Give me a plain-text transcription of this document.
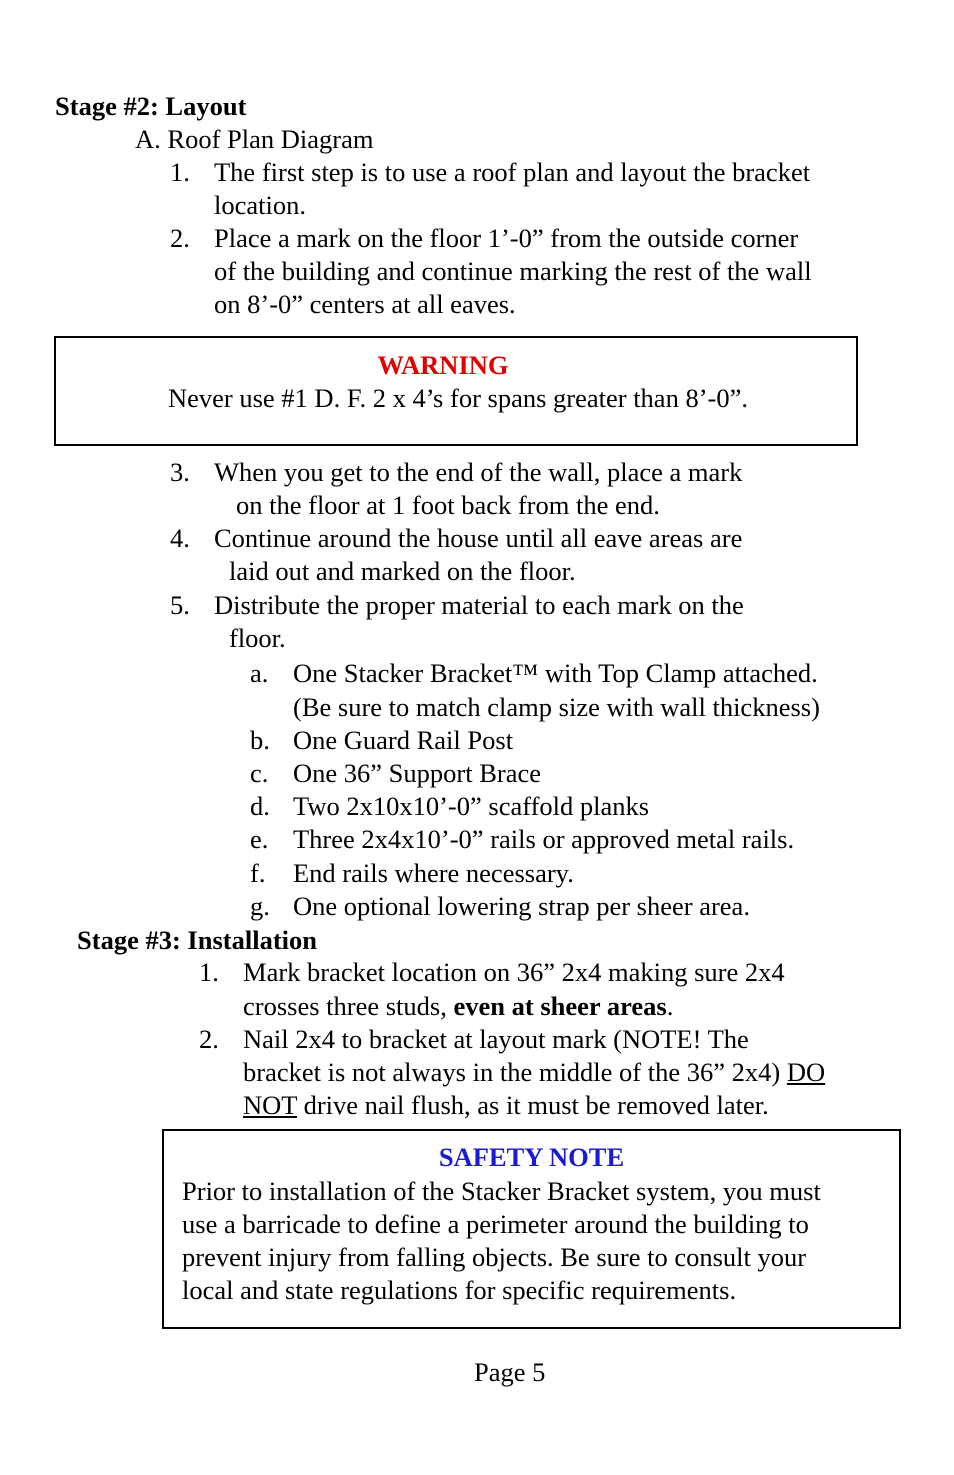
Stage #2: Layout
A. Roof Plan Diagram
1. The first step is to use a roof plan and layout the bracket
location.
2. Place a mark on the floor 1’-0” from the outside corner
of the building and continue marking the rest of the wall
on 8’-0” centers at all eaves.
WARNING
Never use #1 D. F. 2 x 4’s for spans greater than 8’-0”.
3. When you get to the end of the wall, place a mark
on the floor at 1 foot back from the end.
4. Continue around the house until all eave areas are
laid out and marked on the floor.
5. Distribute the proper material to each mark on the
floor.
a. One Stacker Bracket™ with Top Clamp attached.
(Be sure to match clamp size with wall thickness)
b. One Guard Rail Post
c. One 36” Support Brace
d. Two 2x10x10’-0” scaffold planks
e. Three 2x4x10’-0” rails or approved metal rails.
f. End rails where necessary.
g. One optional lowering strap per sheer area.
Stage #3: Installation
1. Mark bracket location on 36” 2x4 making sure 2x4
crosses three studs, even at sheer areas.
2. Nail 2x4 to bracket at layout mark (NOTE! The
bracket is not always in the middle of the 36” 2x4) DO
NOT drive nail flush, as it must be removed later.
SAFETY NOTE
Prior to installation of the Stacker Bracket system, you must
use a barricade to define a perimeter around the building to
prevent injury from falling objects. Be sure to consult your
local and state regulations for specific requirements.
Page 5
